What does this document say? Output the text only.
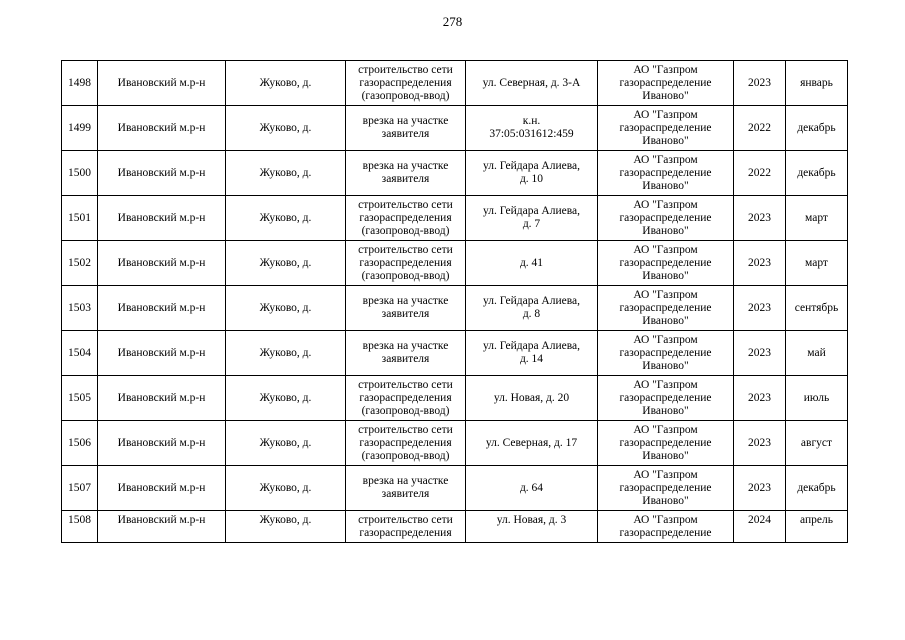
278
1498	Ивановский м.р-н	Жуково, д.	строительство сети
газораспределения
(газопровод-ввод)	ул. Северная, д. 3-А	АО "Газпром
газораспределение
Иваново"	2023	январь
1499	Ивановский м.р-н	Жуково, д.	врезка на участке
заявителя	к.н.
37:05:031612:459	АО "Газпром
газораспределение
Иваново"	2022	декабрь
1500	Ивановский м.р-н	Жуково, д.	врезка на участке
заявителя	ул. Гейдара Алиева,
д. 10	АО "Газпром
газораспределение
Иваново"	2022	декабрь
1501	Ивановский м.р-н	Жуково, д.	строительство сети
газораспределения
(газопровод-ввод)	ул. Гейдара Алиева,
д. 7	АО "Газпром
газораспределение
Иваново"	2023	март
1502	Ивановский м.р-н	Жуково, д.	строительство сети
газораспределения
(газопровод-ввод)	д. 41	АО "Газпром
газораспределение
Иваново"	2023	март
1503	Ивановский м.р-н	Жуково, д.	врезка на участке
заявителя	ул. Гейдара Алиева,
д. 8	АО "Газпром
газораспределение
Иваново"	2023	сентябрь
1504	Ивановский м.р-н	Жуково, д.	врезка на участке
заявителя	ул. Гейдара Алиева,
д. 14	АО "Газпром
газораспределение
Иваново"	2023	май
1505	Ивановский м.р-н	Жуково, д.	строительство сети
газораспределения
(газопровод-ввод)	ул. Новая, д. 20	АО "Газпром
газораспределение
Иваново"	2023	июль
1506	Ивановский м.р-н	Жуково, д.	строительство сети
газораспределения
(газопровод-ввод)	ул. Северная, д. 17	АО "Газпром
газораспределение
Иваново"	2023	август
1507	Ивановский м.р-н	Жуково, д.	врезка на участке
заявителя	д. 64	АО "Газпром
газораспределение
Иваново"	2023	декабрь
1508	Ивановский м.р-н	Жуково, д.	строительство сети
газораспределения	ул. Новая, д. 3	АО "Газпром
газораспределение	2024	апрель
